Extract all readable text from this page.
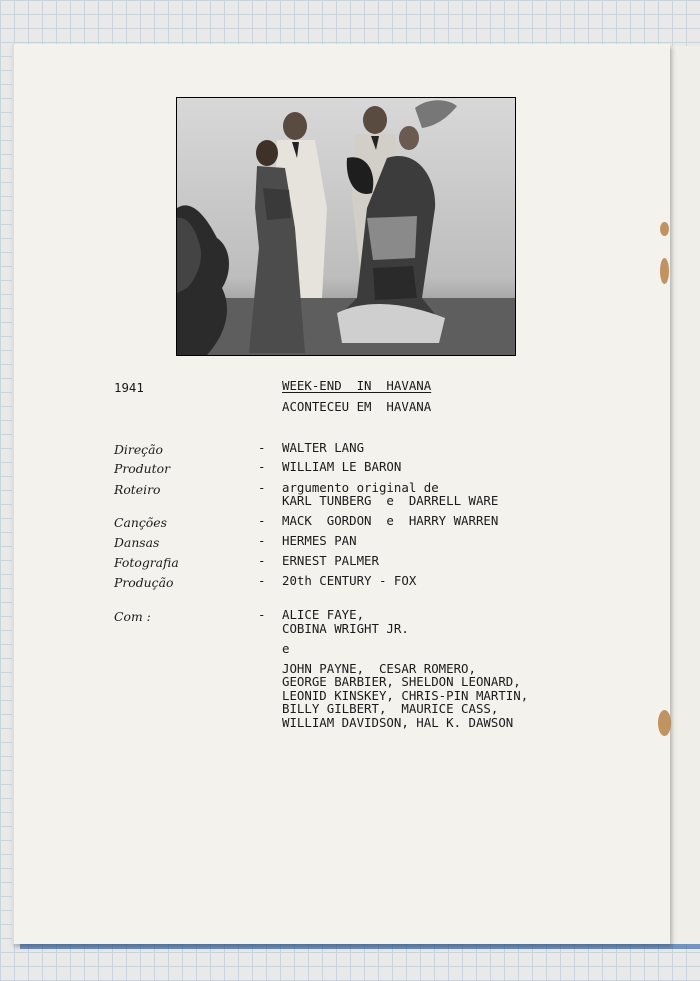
1941	WEEK-END  IN  HAVANA
ACONTECEU EM  HAVANA
Direção	- WALTER LANG
Produtor	- WILLIAM LE BARON
Roteiro	- argumento original de
KARL TUNBERG  e  DARRELL WARE
Canções	- MACK  GORDON  e  HARRY WARREN
Dansas	- HERMES PAN
Fotografia	- ERNEST PALMER
Produção	- 20th CENTURY - FOX
Com :	- ALICE FAYE,
COBINA WRIGHT JR.
e
JOHN PAYNE,  CESAR ROMERO,
GEORGE BARBIER, SHELDON LEONARD,
LEONID KINSKEY, CHRIS-PIN MARTIN,
BILLY GILBERT,  MAURICE CASS,
WILLIAM DAVIDSON, HAL K. DAWSON
